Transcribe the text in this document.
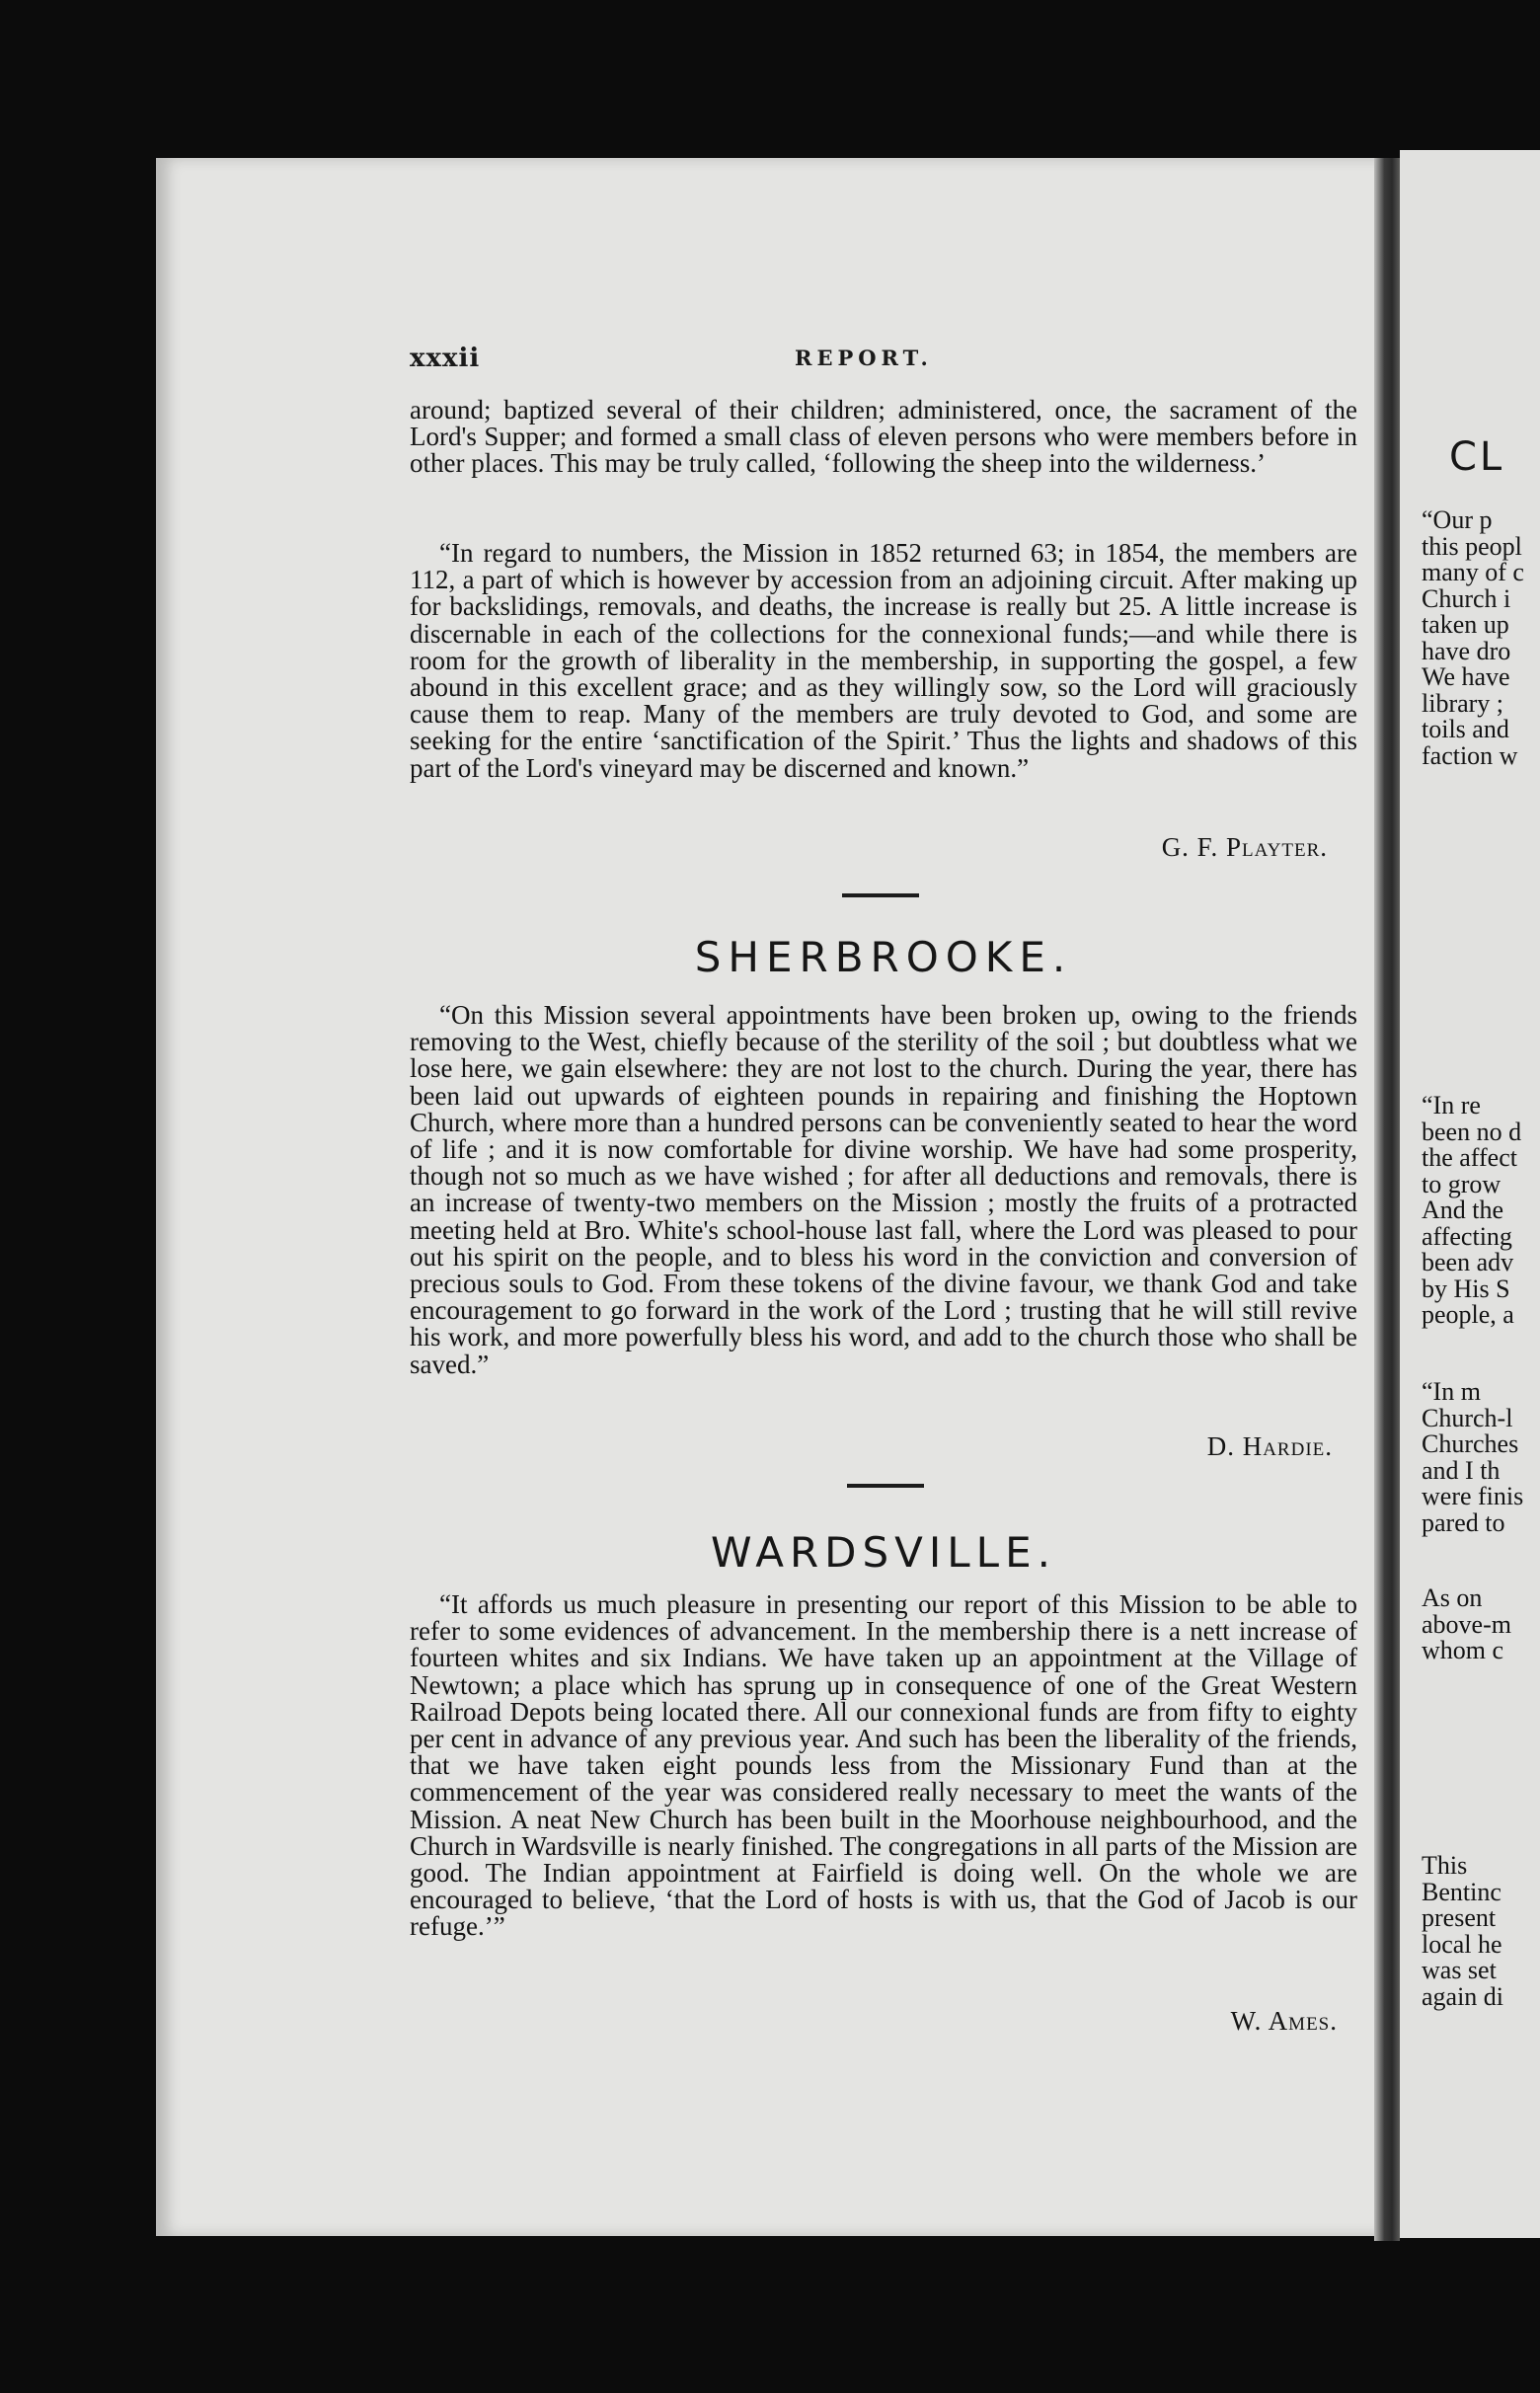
CL
“Our p
this peopl
many of c
Church i
taken up
have dro
We have
library ;
toils and
faction w
“In re
been no d
the affect
to grow
And the
affecting
been adv
by His S
people, a
“In m
Church-l
Churches
and I th
were finis
pared to
As on
above-m
whom c
This
Bentinc
present
local he
was set
again di
xxxii	REPORT.

around; baptized several of their children; administered, once, the sacrament of the Lord's Supper; and formed a small class of eleven persons who were members before in other places. This may be truly called, ‘following the sheep into the wilderness.’

“In regard to numbers, the Mission in 1852 returned 63; in 1854, the members are 112, a part of which is however by accession from an adjoining circuit. After making up for backslidings, removals, and deaths, the increase is really but 25. A little increase is discernable in each of the collections for the connexional funds;—and while there is room for the growth of liberality in the membership, in supporting the gospel, a few abound in this excellent grace; and as they willingly sow, so the Lord will graciously cause them to reap. Many of the members are truly devoted to God, and some are seeking for the entire ‘sanctification of the Spirit.’ Thus the lights and shadows of this part of the Lord's vineyard may be discerned and known.”

G. F. Playter.
SHERBROOKE.

“On this Mission several appointments have been broken up, owing to the friends removing to the West, chiefly because of the sterility of the soil ; but doubtless what we lose here, we gain elsewhere: they are not lost to the church. During the year, there has been laid out upwards of eighteen pounds in repairing and finishing the Hoptown Church, where more than a hundred persons can be conveniently seated to hear the word of life ; and it is now comfortable for divine worship. We have had some prosperity, though not so much as we have wished ; for after all deductions and removals, there is an increase of twenty-two members on the Mission ; mostly the fruits of a protracted meeting held at Bro. White's school-house last fall, where the Lord was pleased to pour out his spirit on the people, and to bless his word in the conviction and conversion of precious souls to God. From these tokens of the divine favour, we thank God and take encouragement to go forward in the work of the Lord ; trusting that he will still revive his work, and more powerfully bless his word, and add to the church those who shall be saved.”

D. Hardie.
WARDSVILLE.

“It affords us much pleasure in presenting our report of this Mission to be able to refer to some evidences of advancement. In the membership there is a nett increase of fourteen whites and six Indians. We have taken up an appointment at the Village of Newtown; a place which has sprung up in consequence of one of the Great Western Railroad Depots being located there. All our connexional funds are from fifty to eighty per cent in advance of any previous year. And such has been the liberality of the friends, that we have taken eight pounds less from the Missionary Fund than at the commencement of the year was considered really necessary to meet the wants of the Mission. A neat New Church has been built in the Moorhouse neighbourhood, and the Church in Wardsville is nearly finished. The congregations in all parts of the Mission are good. The Indian appointment at Fairfield is doing well. On the whole we are encouraged to believe, ‘that the Lord of hosts is with us, that the God of Jacob is our refuge.’”

W. Ames.
